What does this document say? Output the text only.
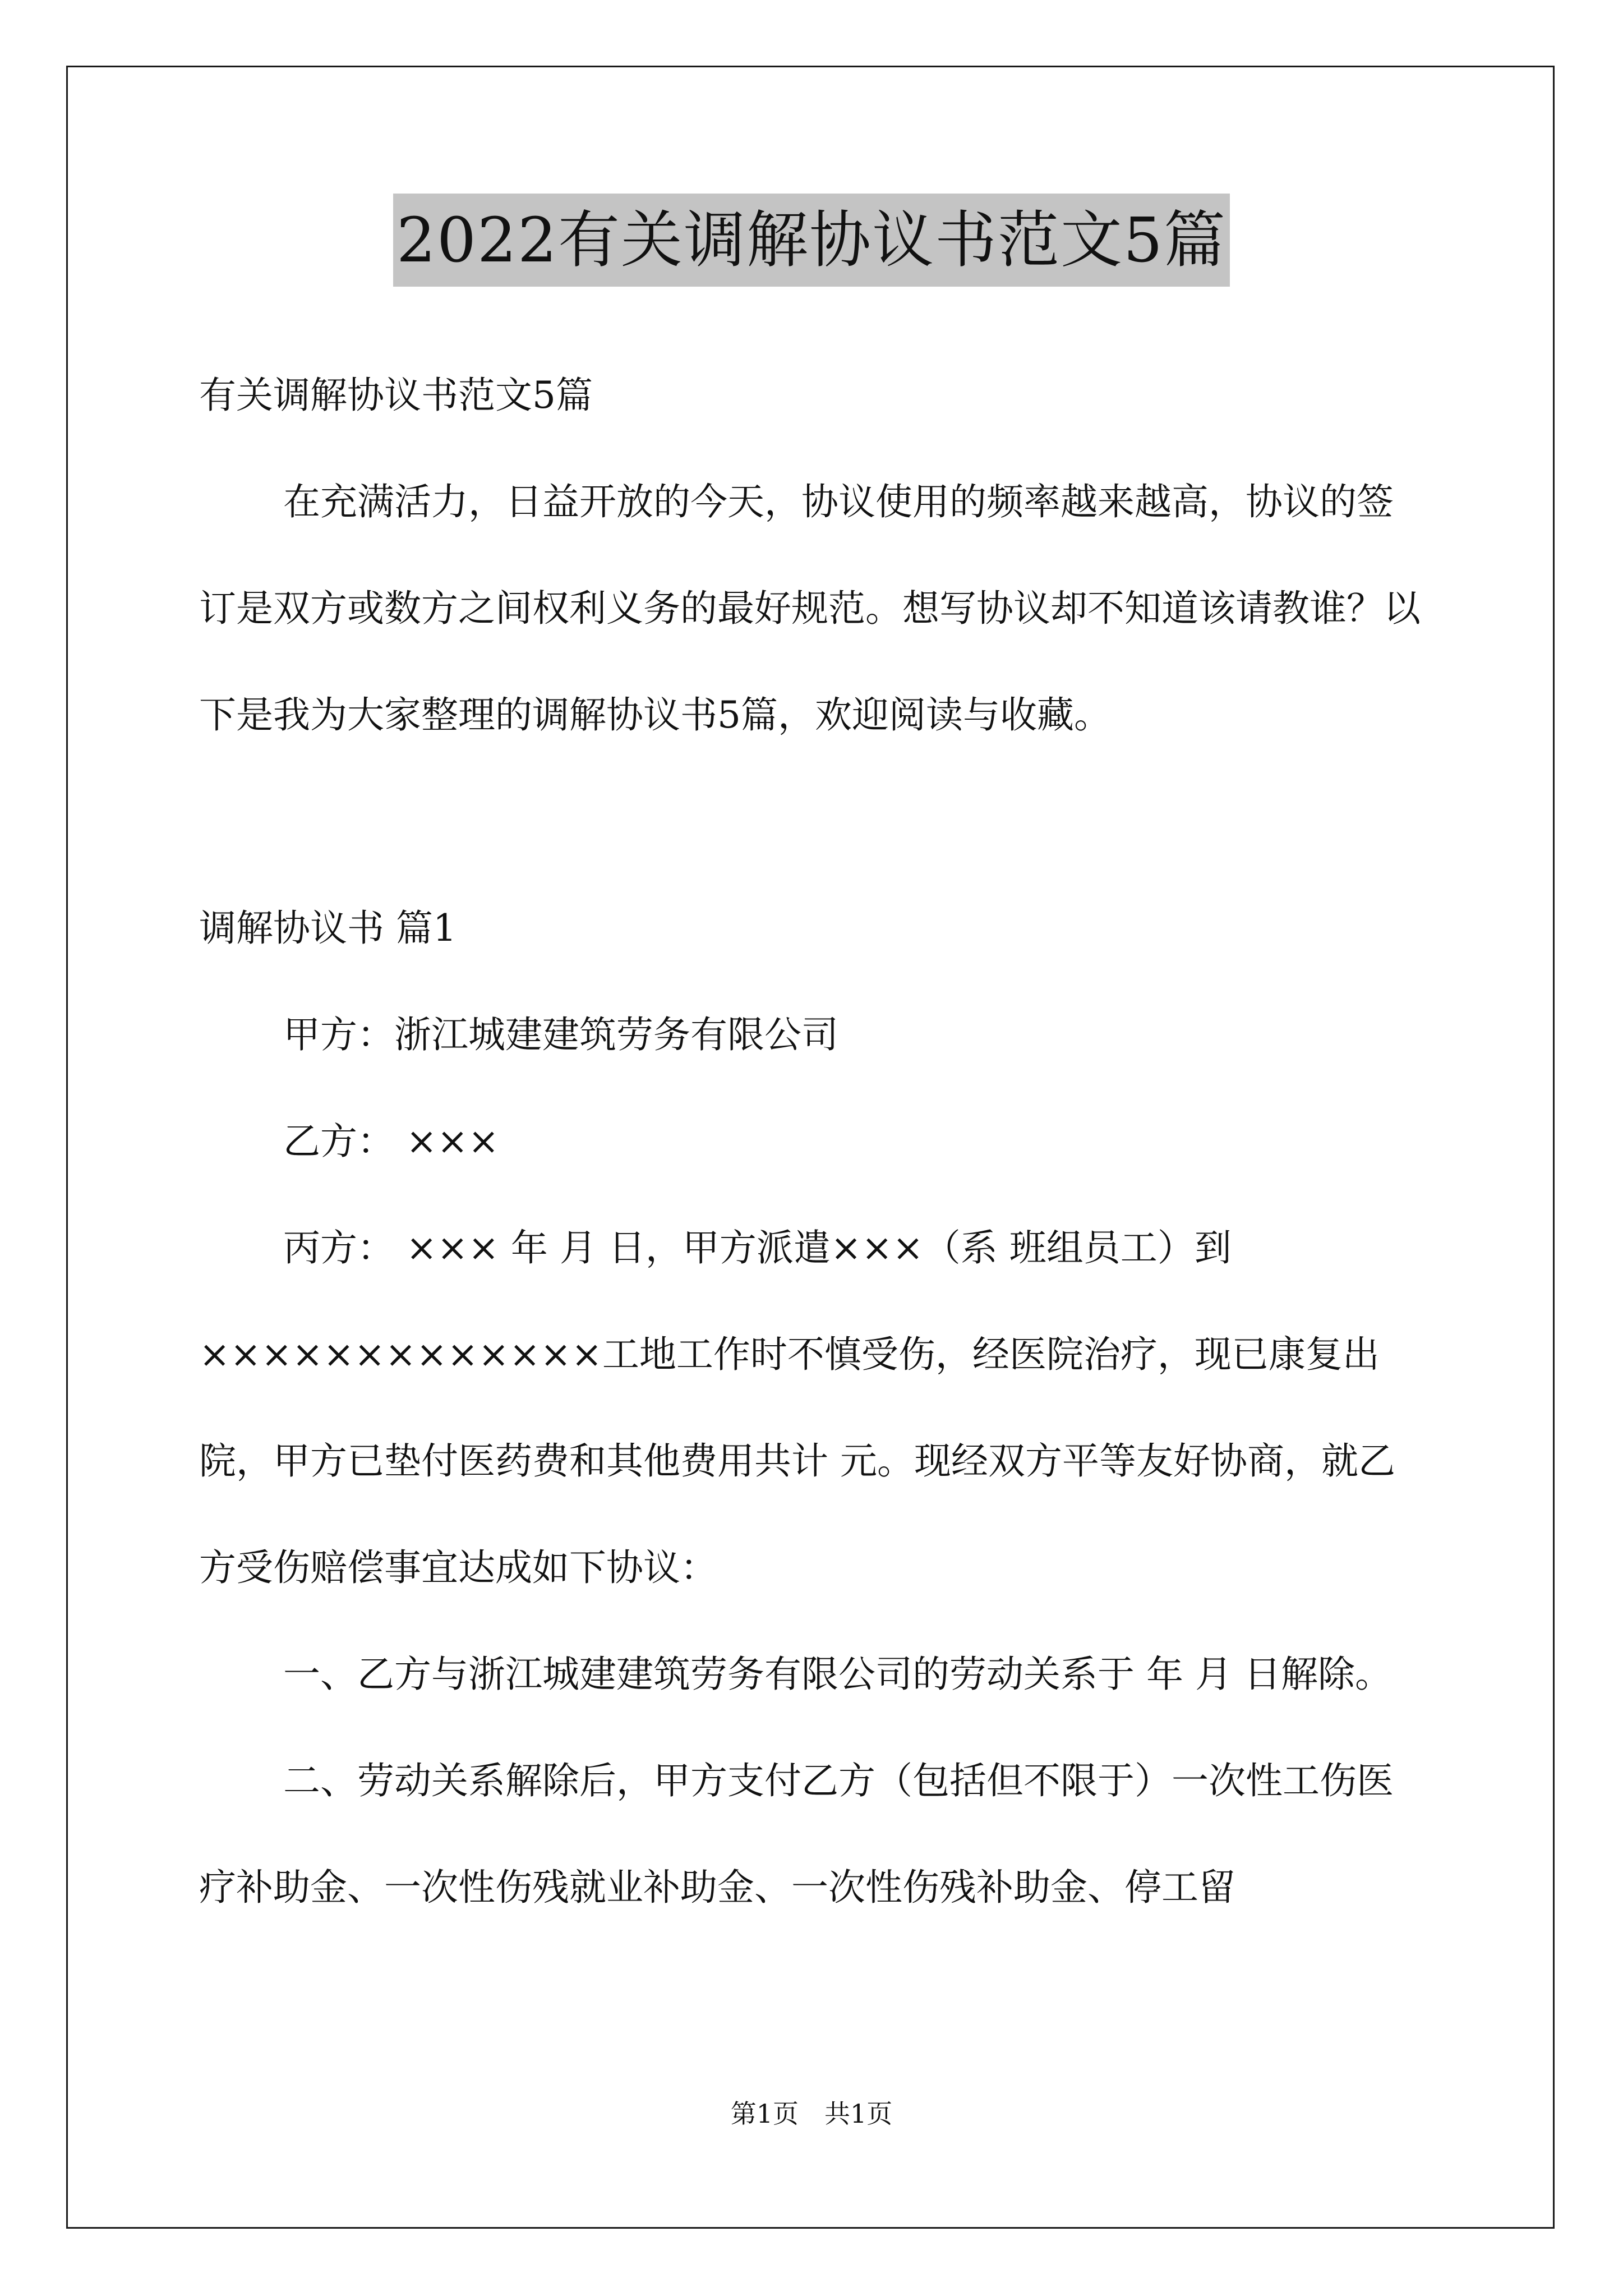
2022有关调解协议书范文5篇

有关调解协议书范文5篇

在充满活力，日益开放的今天，协议使用的频率越来越高，协议的签订是双方或数方之间权利义务的最好规范。想写协议却不知道该请教谁？以下是我为大家整理的调解协议书5篇，欢迎阅读与收藏。

调解协议书 篇1

甲方：浙江城建建筑劳务有限公司

乙方： ×××

丙方： ××× 年 月 日，甲方派遣×××（系 班组员工）到×××××××××××××工地工作时不慎受伤，经医院治疗，现已康复出院，甲方已垫付医药费和其他费用共计 元。现经双方平等友好协商，就乙方受伤赔偿事宜达成如下协议：

一、乙方与浙江城建建筑劳务有限公司的劳动关系于 年 月 日解除。

二、劳动关系解除后，甲方支付乙方（包括但不限于）一次性工伤医疗补助金、一次性伤残就业补助金、一次性伤残补助金、停工留

第1页　共1页
